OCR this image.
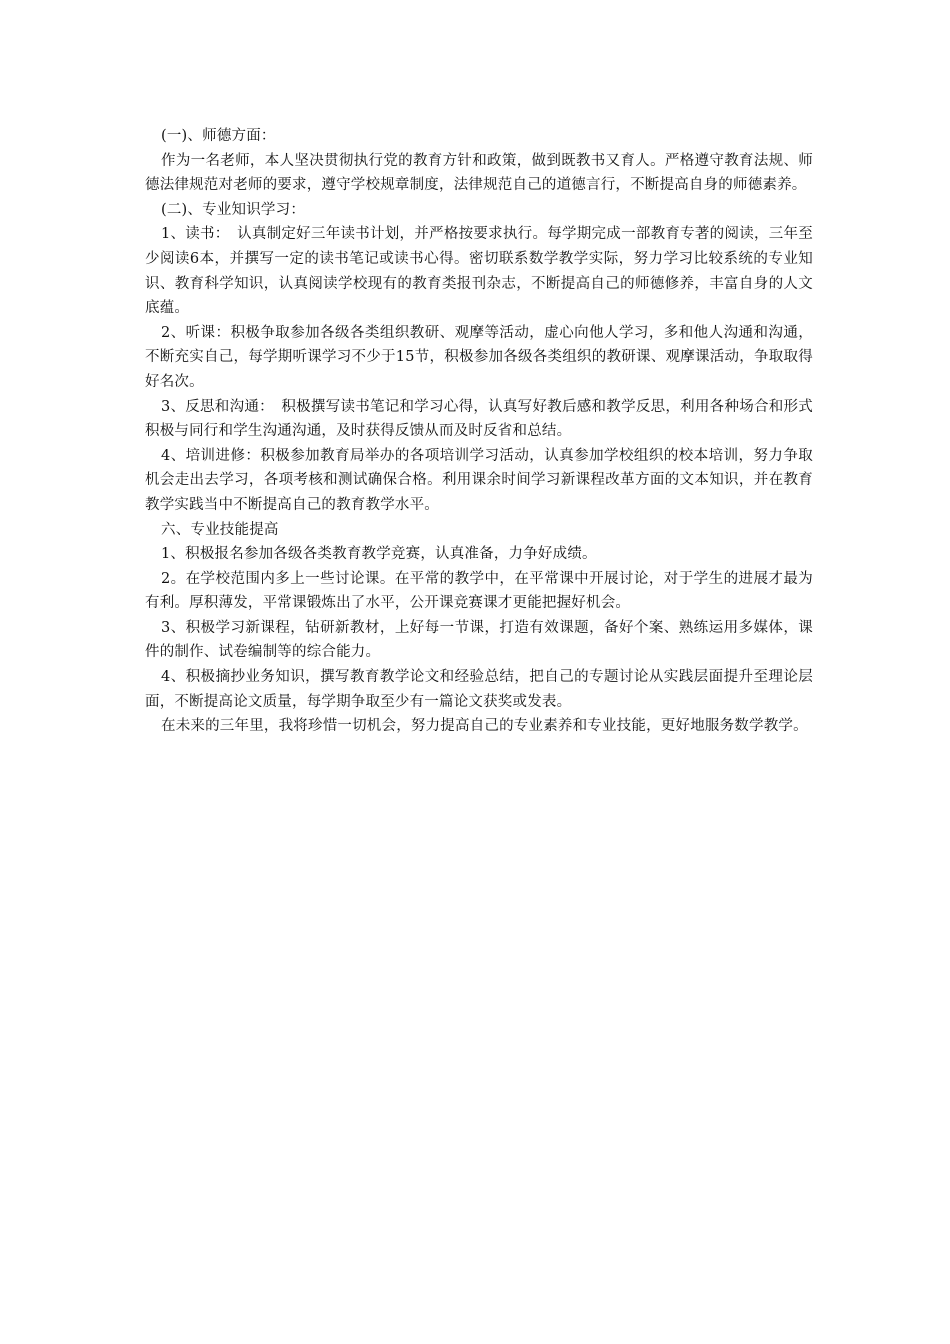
(一)、师德方面：

作为一名老师，本人坚决贯彻执行党的教育方针和政策，做到既教书又育人。严格遵守教育法规、师德法律规范对老师的要求，遵守学校规章制度，法律规范自己的道德言行，不断提高自身的师德素养。

(二)、专业知识学习：

1、读书：　认真制定好三年读书计划，并严格按要求执行。每学期完成一部教育专著的阅读，三年至少阅读6本，并撰写一定的读书笔记或读书心得。密切联系数学教学实际，努力学习比较系统的专业知识、教育科学知识，认真阅读学校现有的教育类报刊杂志，不断提高自己的师德修养，丰富自身的人文底蕴。

2、听课：积极争取参加各级各类组织教研、观摩等活动，虚心向他人学习，多和他人沟通和沟通，不断充实自己，每学期听课学习不少于15节，积极参加各级各类组织的教研课、观摩课活动，争取取得好名次。

3、反思和沟通：　积极撰写读书笔记和学习心得，认真写好教后感和教学反思，利用各种场合和形式积极与同行和学生沟通沟通，及时获得反馈从而及时反省和总结。

4、培训进修：积极参加教育局举办的各项培训学习活动，认真参加学校组织的校本培训，努力争取机会走出去学习，各项考核和测试确保合格。利用课余时间学习新课程改革方面的文本知识，并在教育教学实践当中不断提高自己的教育教学水平。

六、专业技能提高

1、积极报名参加各级各类教育教学竞赛，认真准备，力争好成绩。

2。在学校范围内多上一些讨论课。在平常的教学中，在平常课中开展讨论，对于学生的进展才最为有利。厚积薄发，平常课锻炼出了水平，公开课竞赛课才更能把握好机会。

3、积极学习新课程，钻研新教材，上好每一节课，打造有效课题，备好个案、熟练运用多媒体，课件的制作、试卷编制等的综合能力。

4、积极摘抄业务知识，撰写教育教学论文和经验总结，把自己的专题讨论从实践层面提升至理论层面，不断提高论文质量，每学期争取至少有一篇论文获奖或发表。

在未来的三年里，我将珍惜一切机会，努力提高自己的专业素养和专业技能，更好地服务数学教学。
